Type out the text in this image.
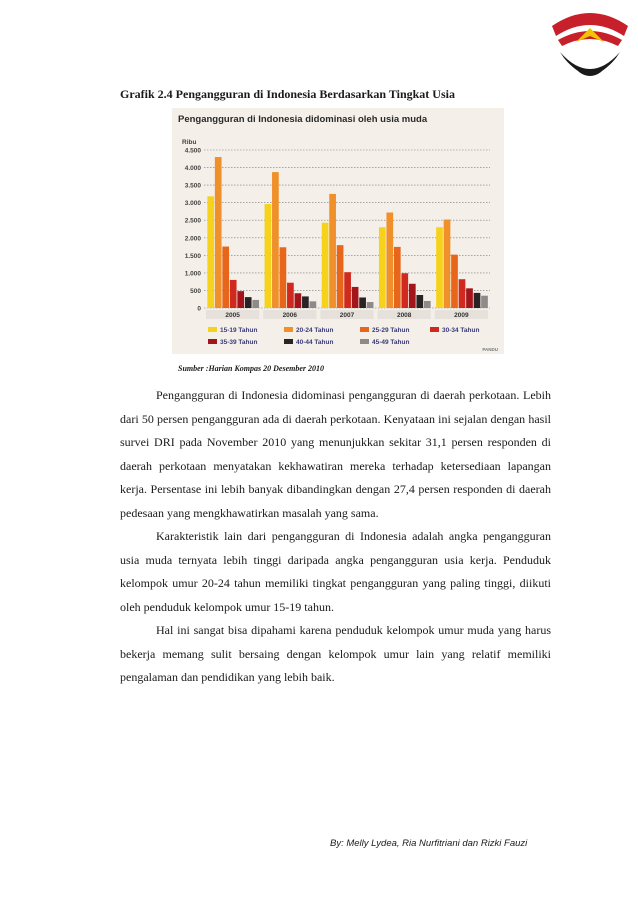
Grafik 2.4 Pengangguran di Indonesia Berdasarkan Tingkat Usia
Pengangguran di Indonesia didominasi oleh usia muda
Ribu
0
500
1.000
1.500
2.000
2.500
3.000
3.500
4.000
4.500
2005	2006	2007	2008	2009
15-19 Tahun	20-24 Tahun	25-29 Tahun	30-34 Tahun
35-39 Tahun	40-44 Tahun	45-49 Tahun
PANDU
Sumber :Harian Kompas 20 Desember 2010

Pengangguran di Indonesia didominasi pengangguran di daerah perkotaan. Lebih dari 50 persen pengangguran ada di daerah perkotaan. Kenyataan ini sejalan dengan hasil survei DRI pada November 2010 yang menunjukkan sekitar 31,1 persen responden di daerah perkotaan menyatakan kekhawatiran mereka terhadap ketersediaan lapangan kerja. Persentase ini lebih banyak dibandingkan dengan 27,4 persen responden di daerah pedesaan yang mengkhawatirkan masalah yang sama.

Karakteristik lain dari pengangguran di Indonesia adalah angka pengangguran usia muda ternyata lebih tinggi daripada angka pengangguran usia kerja. Penduduk kelompok umur 20-24 tahun memiliki tingkat pengangguran yang paling tinggi, diikuti oleh penduduk kelompok umur 15-19 tahun.

Hal ini sangat bisa dipahami karena penduduk kelompok umur muda yang harus bekerja memang sulit bersaing dengan kelompok umur lain yang relatif memiliki pengalaman dan pendidikan yang lebih baik.

By: Melly Lydea, Ria Nurfitriani dan Rizki Fauzi
